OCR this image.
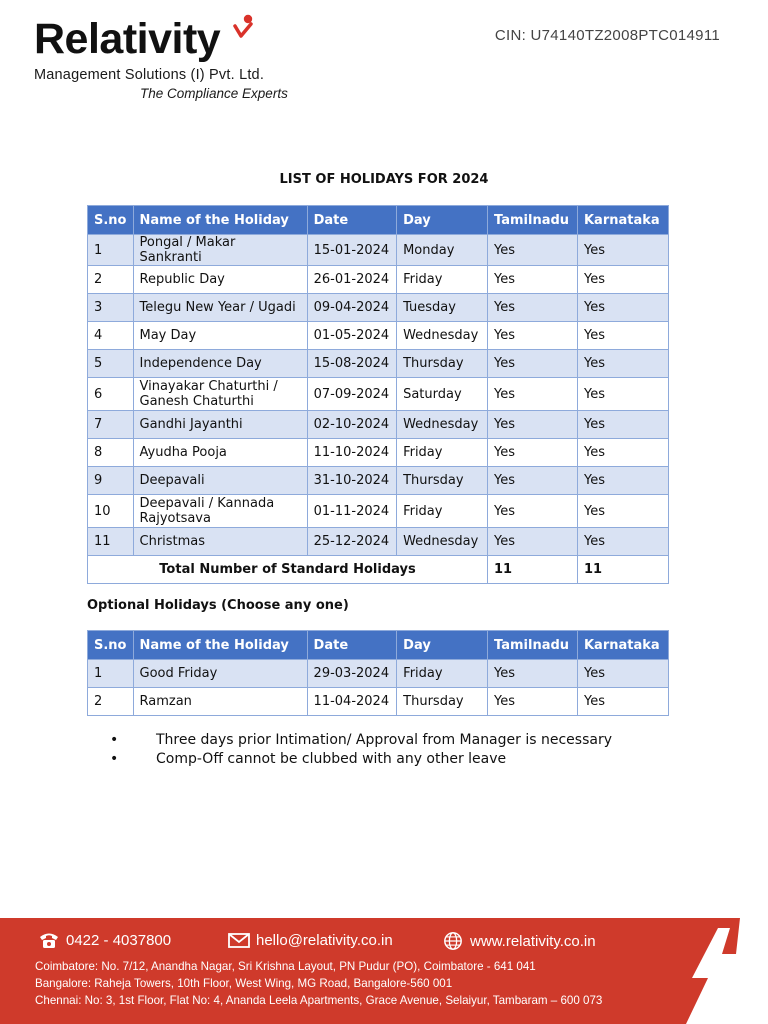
Relativity
Management Solutions (I) Pvt. Ltd.
The Compliance Experts
CIN: U74140TZ2008PTC014911
LIST OF HOLIDAYS FOR 2024
S.no	Name of the Holiday	Date	Day	Tamilnadu	Karnataka
1	Pongal / Makar Sankranti	15-01-2024	Monday	Yes	Yes
2	Republic Day	26-01-2024	Friday	Yes	Yes
3	Telegu New Year / Ugadi	09-04-2024	Tuesday	Yes	Yes
4	May Day	01-05-2024	Wednesday	Yes	Yes
5	Independence Day	15-08-2024	Thursday	Yes	Yes
6	Vinayakar Chaturthi / Ganesh Chaturthi	07-09-2024	Saturday	Yes	Yes
7	Gandhi Jayanthi	02-10-2024	Wednesday	Yes	Yes
8	Ayudha Pooja	11-10-2024	Friday	Yes	Yes
9	Deepavali	31-10-2024	Thursday	Yes	Yes
10	Deepavali / Kannada Rajyotsava	01-11-2024	Friday	Yes	Yes
11	Christmas	25-12-2024	Wednesday	Yes	Yes
Total Number of Standard Holidays				11	11
Optional Holidays (Choose any one)
S.no	Name of the Holiday	Date	Day	Tamilnadu	Karnataka
1	Good Friday	29-03-2024	Friday	Yes	Yes
2	Ramzan	11-04-2024	Thursday	Yes	Yes
•	Three days prior Intimation/ Approval from Manager is necessary
•	Comp-Off cannot be clubbed with any other leave
0422 - 4037800	hello@relativity.co.in	www.relativity.co.in
Coimbatore: No. 7/12, Anandha Nagar, Sri Krishna Layout, PN Pudur (PO), Coimbatore - 641 041
Bangalore: Raheja Towers, 10th Floor, West Wing, MG Road, Bangalore-560 001
Chennai: No: 3, 1st Floor, Flat No: 4, Ananda Leela Apartments, Grace Avenue, Selaiyur, Tambaram – 600 073
